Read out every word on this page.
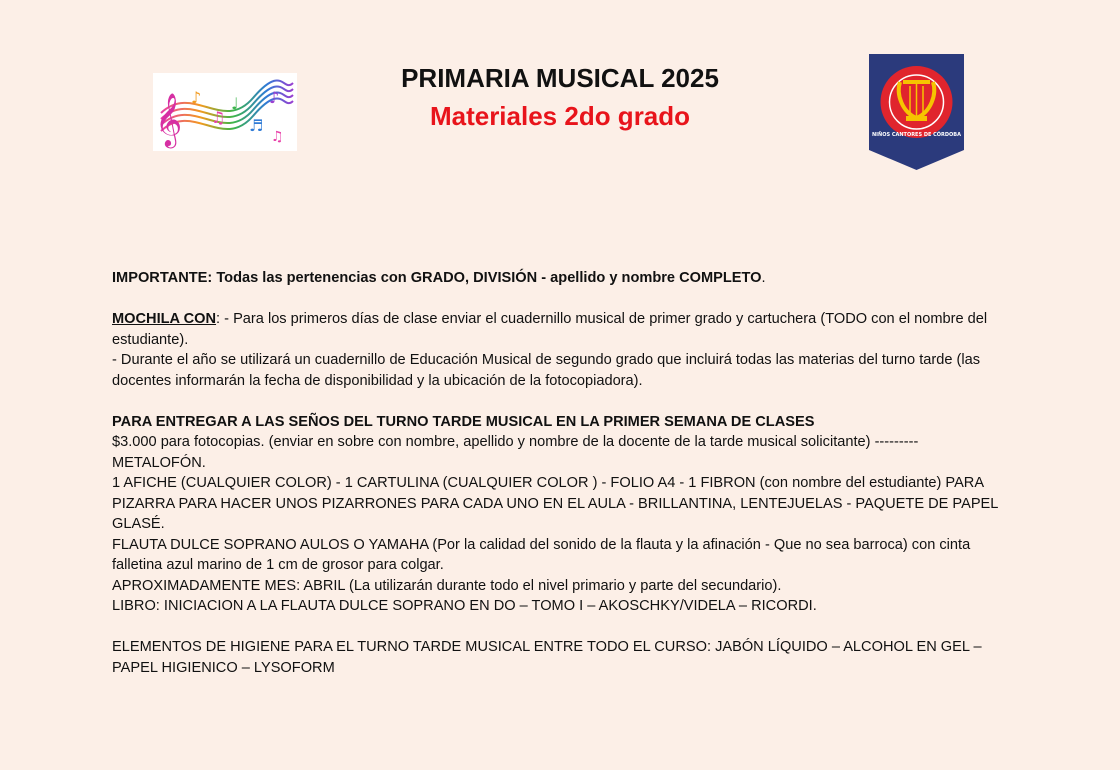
𝄞 ♪
♫
♩
♬
♪
♫
PRIMARIA MUSICAL 2025
Materiales 2do grado
NIÑOS CANTORES DE CÓRDOBA

IMPORTANTE: Todas las pertenencias con GRADO, DIVISIÓN - apellido y nombre COMPLETO.

MOCHILA CON: - Para los primeros días de clase enviar el cuadernillo musical de primer grado y cartuchera (TODO con el nombre del estudiante).

- Durante el año se utilizará un cuadernillo de Educación Musical de segundo grado que incluirá todas las materias del turno tarde (las docentes informarán la fecha de disponibilidad y la ubicación de la fotocopiadora).

PARA ENTREGAR A LAS SEÑOS DEL TURNO TARDE MUSICAL EN LA PRIMER SEMANA DE CLASES

$3.000 para fotocopias. (enviar en sobre con nombre, apellido y nombre de la docente de la tarde musical solicitante) ---------METALOFÓN.

1 AFICHE (CUALQUIER COLOR) - 1 CARTULINA (CUALQUIER COLOR ) - FOLIO A4 - 1 FIBRON (con nombre del estudiante) PARA PIZARRA PARA HACER UNOS PIZARRONES PARA CADA UNO EN EL AULA - BRILLANTINA, LENTEJUELAS - PAQUETE DE PAPEL GLASÉ.

FLAUTA DULCE SOPRANO AULOS O YAMAHA (Por la calidad del sonido de la flauta y la afinación - Que no sea barroca) con cinta falletina azul marino de 1 cm de grosor para colgar.

APROXIMADAMENTE MES: ABRIL (La utilizarán durante todo el nivel primario y parte del secundario).

LIBRO: INICIACION A LA FLAUTA DULCE SOPRANO EN DO – TOMO I – AKOSCHKY/VIDELA – RICORDI.

ELEMENTOS DE HIGIENE PARA EL TURNO TARDE MUSICAL ENTRE TODO EL CURSO: JABÓN LÍQUIDO – ALCOHOL EN GEL – PAPEL HIGIENICO – LYSOFORM
